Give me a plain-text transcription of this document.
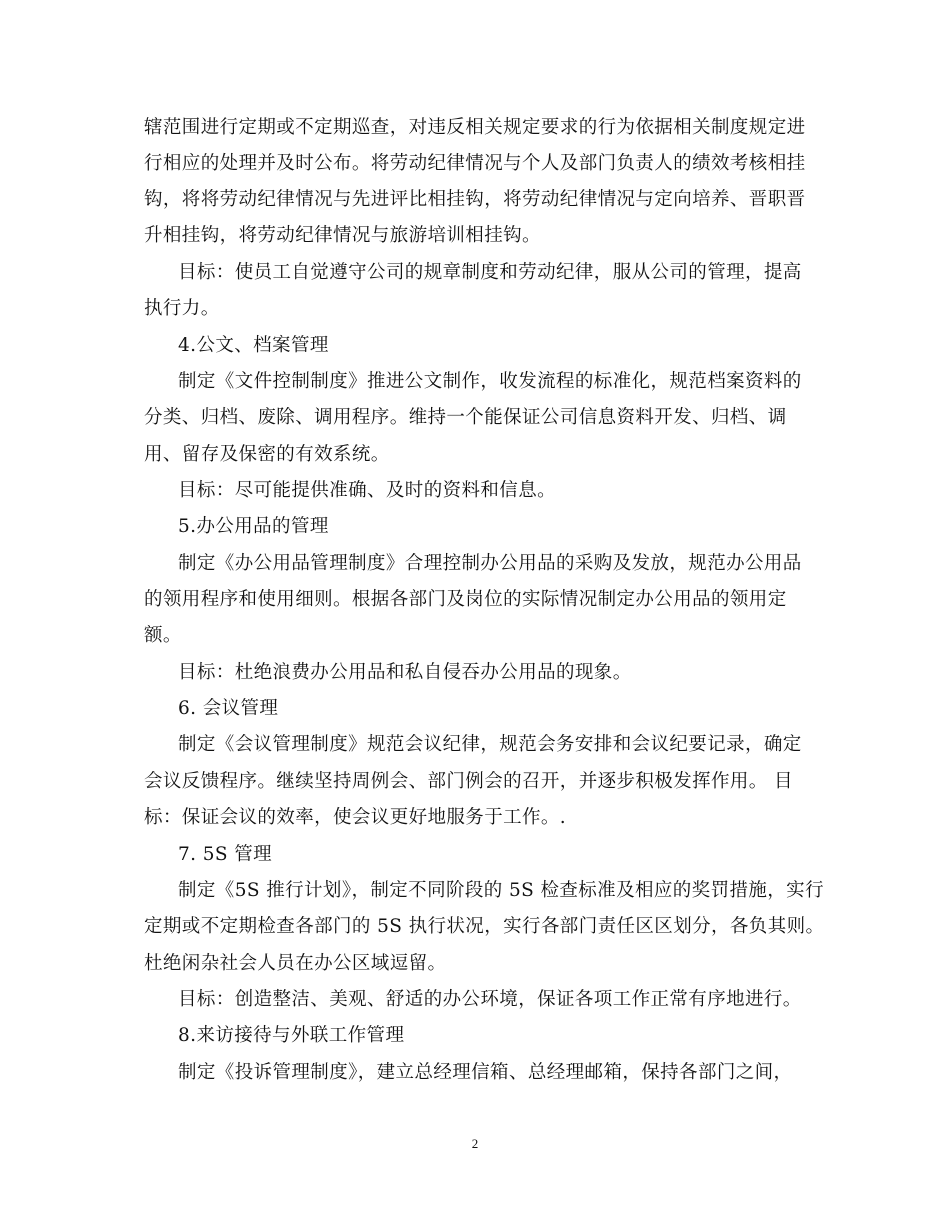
辖范围进行定期或不定期巡查，对违反相关规定要求的行为依据相关制度规定进
行相应的处理并及时公布。将劳动纪律情况与个人及部门负责人的绩效考核相挂
钩，将将劳动纪律情况与先进评比相挂钩，将劳动纪律情况与定向培养、晋职晋
升相挂钩，将劳动纪律情况与旅游培训相挂钩。
目标：使员工自觉遵守公司的规章制度和劳动纪律，服从公司的管理，提高
执行力。
4.公文、档案管理
制定《文件控制制度》推进公文制作，收发流程的标准化，规范档案资料的
分类、归档、废除、调用程序。维持一个能保证公司信息资料开发、归档、调
用、留存及保密的有效系统。
目标：尽可能提供准确、及时的资料和信息。
5.办公用品的管理
制定《办公用品管理制度》合理控制办公用品的采购及发放，规范办公用品
的领用程序和使用细则。根据各部门及岗位的实际情况制定办公用品的领用定
额。
目标：杜绝浪费办公用品和私自侵吞办公用品的现象。
6. 会议管理
制定《会议管理制度》规范会议纪律，规范会务安排和会议纪要记录，确定
会议反馈程序。继续坚持周例会、部门例会的召开，并逐步积极发挥作用。 目
标：保证会议的效率，使会议更好地服务于工作。.
7. 5S 管理
制定《5S 推行计划》，制定不同阶段的 5S 检查标准及相应的奖罚措施，实行
定期或不定期检查各部门的 5S 执行状况，实行各部门责任区区划分，各负其则。
杜绝闲杂社会人员在办公区域逗留。
目标：创造整洁、美观、舒适的办公环境，保证各项工作正常有序地进行。
8.来访接待与外联工作管理
制定《投诉管理制度》，建立总经理信箱、总经理邮箱，保持各部门之间，
2
